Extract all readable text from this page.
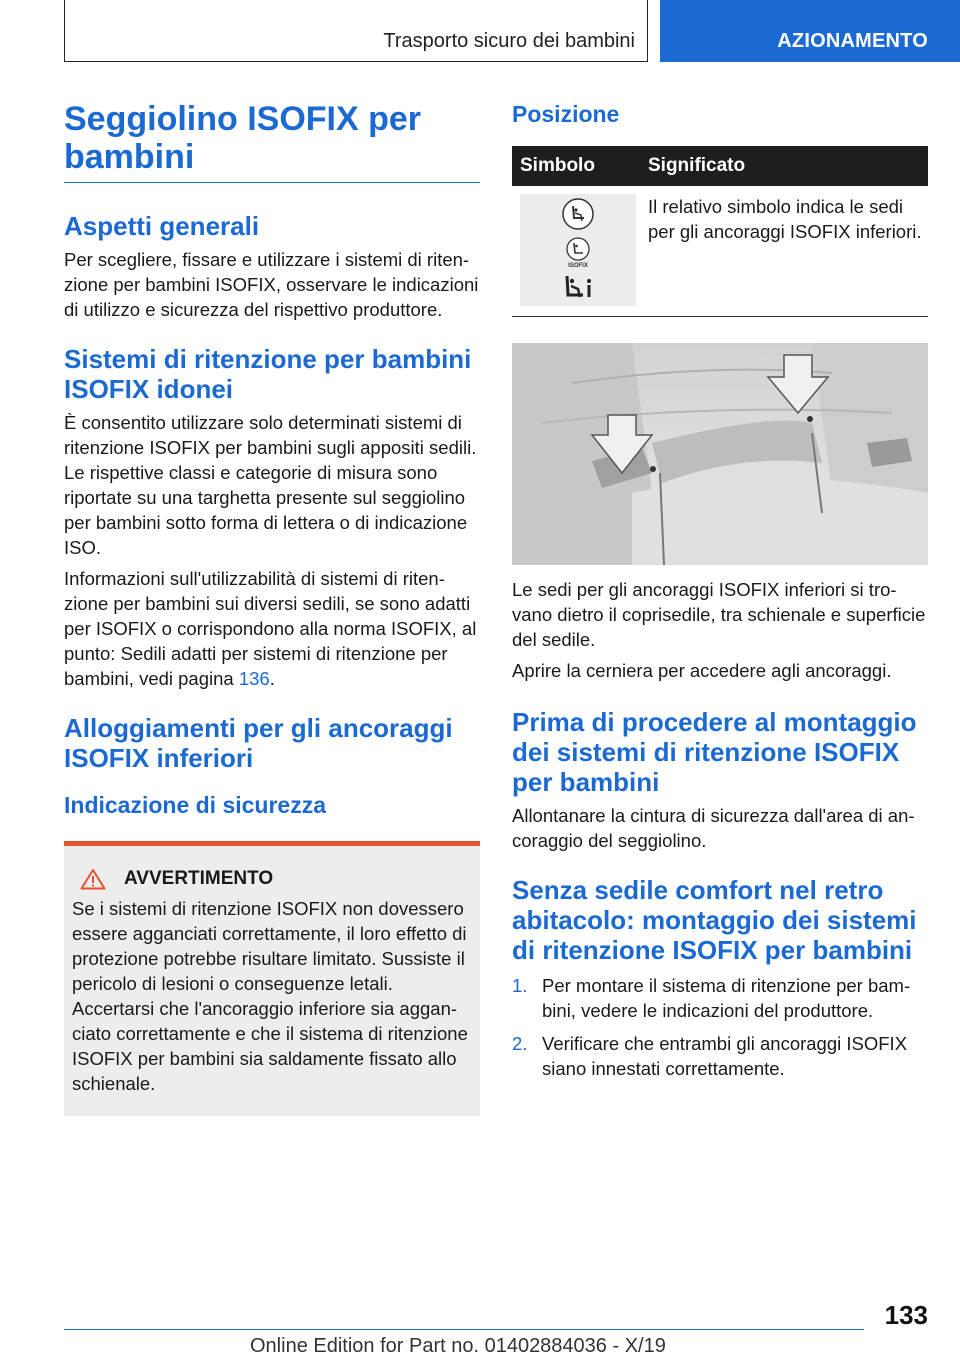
Trasporto sicuro dei bambini	AZIONAMENTO
Seggiolino ISOFIX per bambini
Aspetti generali

Per scegliere, fissare e utilizzare i sistemi di ritenzione per bambini ISOFIX, osservare le indicazioni di utilizzo e sicurezza del rispettivo produttore.

Sistemi di ritenzione per bambini ISOFIX idonei

È consentito utilizzare solo determinati sistemi di ritenzione ISOFIX per bambini sugli appositi sedili. Le rispettive classi e categorie di misura sono riportate su una targhetta presente sul seggiolino per bambini sotto forma di lettera o di indicazione ISO.

Informazioni sull'utilizzabilità di sistemi di ritenzione per bambini sui diversi sedili, se sono adatti per ISOFIX o corrispondono alla norma ISOFIX, al punto: Sedili adatti per sistemi di ritenzione per bambini, vedi pagina 136.

Alloggiamenti per gli ancoraggi ISOFIX inferiori
Indicazione di sicurezza
AVVERTIMENTO

Se i sistemi di ritenzione ISOFIX non dovessero essere agganciati correttamente, il loro effetto di protezione potrebbe risultare limitato. Sussiste il pericolo di lesioni o conseguenze letali. Accertarsi che l'ancoraggio inferiore sia agganciato correttamente e che il sistema di ritenzione ISOFIX per bambini sia saldamente fissato allo schienale.

Posizione
Simbolo	Significato

ISOFIX	Il relativo simbolo indica le sedi per gli ancoraggi ISOFIX inferiori.

Le sedi per gli ancoraggi ISOFIX inferiori si trovano dietro il coprisedile, tra schienale e superficie del sedile.

Aprire la cerniera per accedere agli ancoraggi.

Prima di procedere al montaggio dei sistemi di ritenzione ISOFIX per bambini

Allontanare la cintura di sicurezza dall'area di ancoraggio del seggiolino.

Senza sedile comfort nel retro abitacolo: montaggio dei sistemi di ritenzione ISOFIX per bambini
1. Per montare il sistema di ritenzione per bambini, vedere le indicazioni del produttore.
2. Verificare che entrambi gli ancoraggi ISOFIX siano innestati correttamente.
133
Online Edition for Part no. 01402884036 - X/19
